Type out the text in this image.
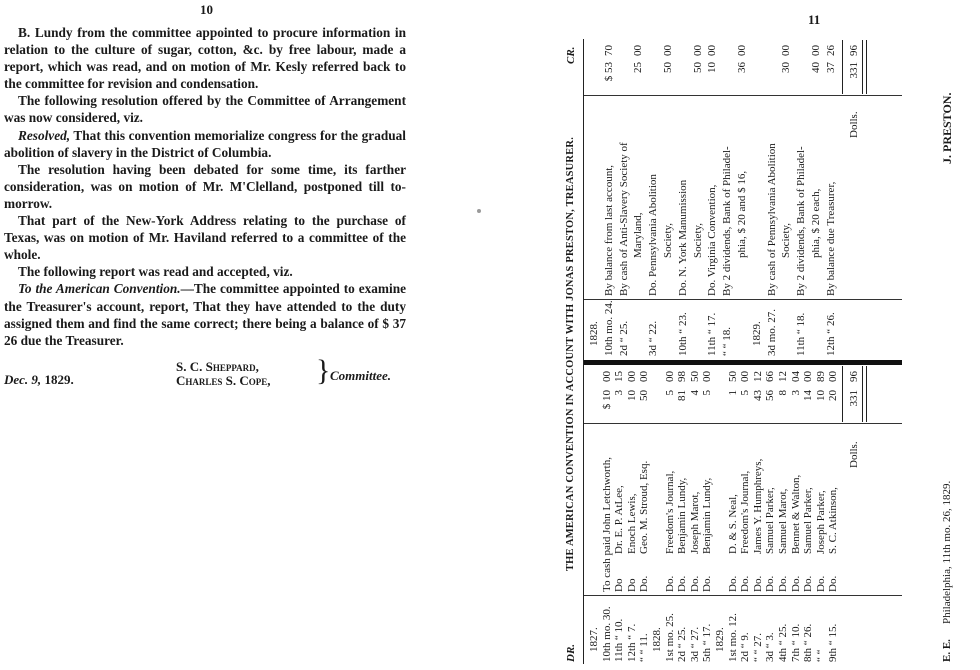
10

B. Lundy from the committee appointed to procure information in relation to the culture of sugar, cotton, &c. by free labour, made a report, which was read, and on motion of Mr. Kesly referred back to the committee for revision and condensation.

The following resolution offered by the Committee of Arrangement was now considered, viz.

Resolved, That this convention memorialize congress for the gradual abolition of slavery in the District of Columbia.

The resolution having been debated for some time, its farther consideration, was on motion of Mr. M'Clelland, postponed till to-morrow.

That part of the New-York Address relating to the purchase of Texas, was on motion of Mr. Haviland referred to a committee of the whole.

The following report was read and accepted, viz.

To the American Convention.—The committee appointed to examine the Treasurer's account, report, That they have attended to the duty assigned them and find the same correct; there being a balance of $ 37 26 due the Treasurer.

Dec. 9, 1829.
S. C. Sheppard,
Charles S. Cope, } Committee.
11
DR.
THE AMERICAN CONVENTION IN ACCOUNT WITH JONAS PRESTON, TREASURER.
CR.
1827. 10th mo. 30.
To cash paid
John Letchworth,
$ 10
00
11th “ 10.
Do
Dr. E. P. AtLee,
3
15
12th “ 7.
Do
Enoch Lewis,
10
00
“ “ 11.
Do.
Geo. M. Stroud, Esq.
50
00
1828. 1st mo. 25.
Do.
Freedom's Journal,
5
00
2d “ 25.
Do.
Benjamin Lundy,
81
98
3d “ 27.
Do.
Joseph Marot,
4
50
5th “ 17.
Do.
Benjamin Lundy,
5
00
1829. 1st mo. 12.
Do.
D. & S. Neal,
1
50
2d “ 9.
Do.
Freedom's Journal,
5
00
“ “ 27.
Do.
James Y. Humphreys,
43
12
3d “ 3.
Do.
Samuel Parker,
56
66
4th “ 25.
Do.
Samuel Marot,
8
12
7th “ 10.
Do.
Bennet & Walton,
3
04
8th “ 26.
Do.
Samuel Parker,
14
00
“ “
Do.
Joseph Parker,
10
89
9th “ 15.
Do.
S. C. Atkinson,
20
00
Dolls.
331
96
1828. 10th mo. 24.
By balance from last account,
$ 53
70
2d “ 25.
By cash of Anti-Slavery Society of Maryland,
25
00
3d “ 22.
Do. Pennsylvania Abolition Society,
50
00
10th “ 23.
Do. N. York Manumission Society,
50
00
11th “ 17.
Do. Virginia Convention,
10
00
“ “ 18.
By 2 dividends, Bank of Philadel- phia, $ 20 and $ 16,
36
00
1829. 3d mo. 27.
By cash of Pennsylvania Abolition Society,
30
00
11th “ 18.
By 2 dividends, Bank of Philadel- phia, $ 20 each,
40
00
12th “ 26.
By balance due Treasurer,
37
26
Dolls.
331
96
E. E.
Philadelphia, 11th mo. 26, 1829.
J. PRESTON.
